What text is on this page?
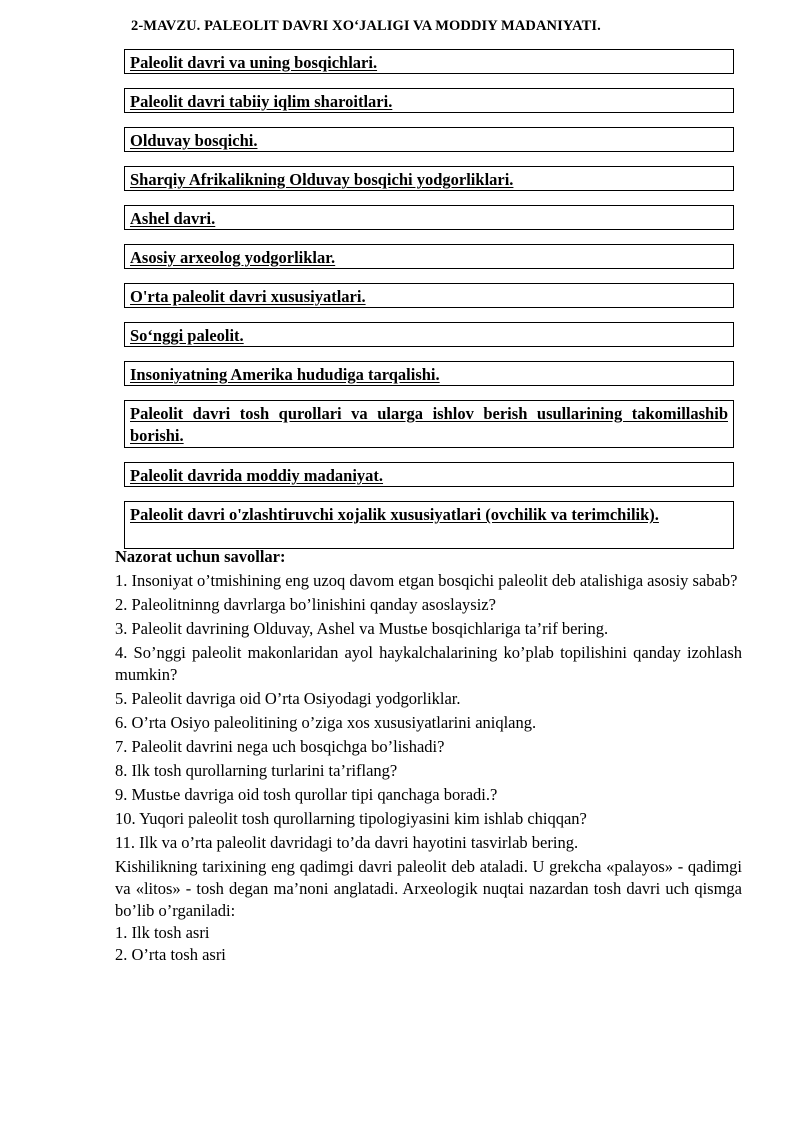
2-MAVZU. PALEOLIT DAVRI XO‘JALIGI VA MODDIY MADANIYATI.
Paleolit davri va uning bosqichlari.
Paleolit davri tabiiy iqlim sharoitlari.
Olduvay bosqichi.
Sharqiy Afrikalikning Olduvay bosqichi yodgorliklari.
Ashel davri.
Asosiy arxeolog yodgorliklar.
O'rta paleolit davri xususiyatlari.
So‘nggi paleolit.
Insoniyatning Amerika hududiga tarqalishi.
Paleolit davri tosh qurollari va ularga ishlov berish usullarining takomillashib borishi.
Paleolit davrida moddiy madaniyat.
Paleolit davri o'zlashtiruvchi xojalik xususiyatlari (ovchilik va terimchilik).
Nazorat uchun savollar:
1. Insoniyat o’tmishining eng uzoq davom etgan bosqichi paleolit deb atalishiga asosiy sabab?
2. Paleolitninng davrlarga bo’linishini qanday asoslaysiz?
3. Paleolit davrining Olduvay, Ashel va Mustье bosqichlariga ta’rif bering.
4. So’nggi paleolit makonlaridan ayol haykalchalarining ko’plab topilishini qanday izohlash mumkin?
5. Paleolit davriga oid O’rta Osiyodagi yodgorliklar.
6. O’rta Osiyo paleolitining o’ziga xos xususiyatlarini aniqlang.
7. Paleolit davrini nega uch bosqichga bo’lishadi?
8. Ilk tosh qurollarning turlarini ta’riflang?
9. Mustье davriga oid tosh qurollar tipi qanchaga boradi.?
10. Yuqori paleolit tosh qurollarning tipologiyasini kim ishlab chiqqan?
11. Ilk va o’rta paleolit davridagi to’da davri hayotini tasvirlab bering.

Kishilikning tarixining eng qadimgi davri paleolit deb ataladi. U grekcha «palayos» - qadimgi va «litos» - tosh degan ma’noni anglatadi. Arxeologik nuqtai nazardan tosh davri uch qismga bo’lib o’rganiladi:

1. Ilk tosh asri
2. O’rta tosh asri
